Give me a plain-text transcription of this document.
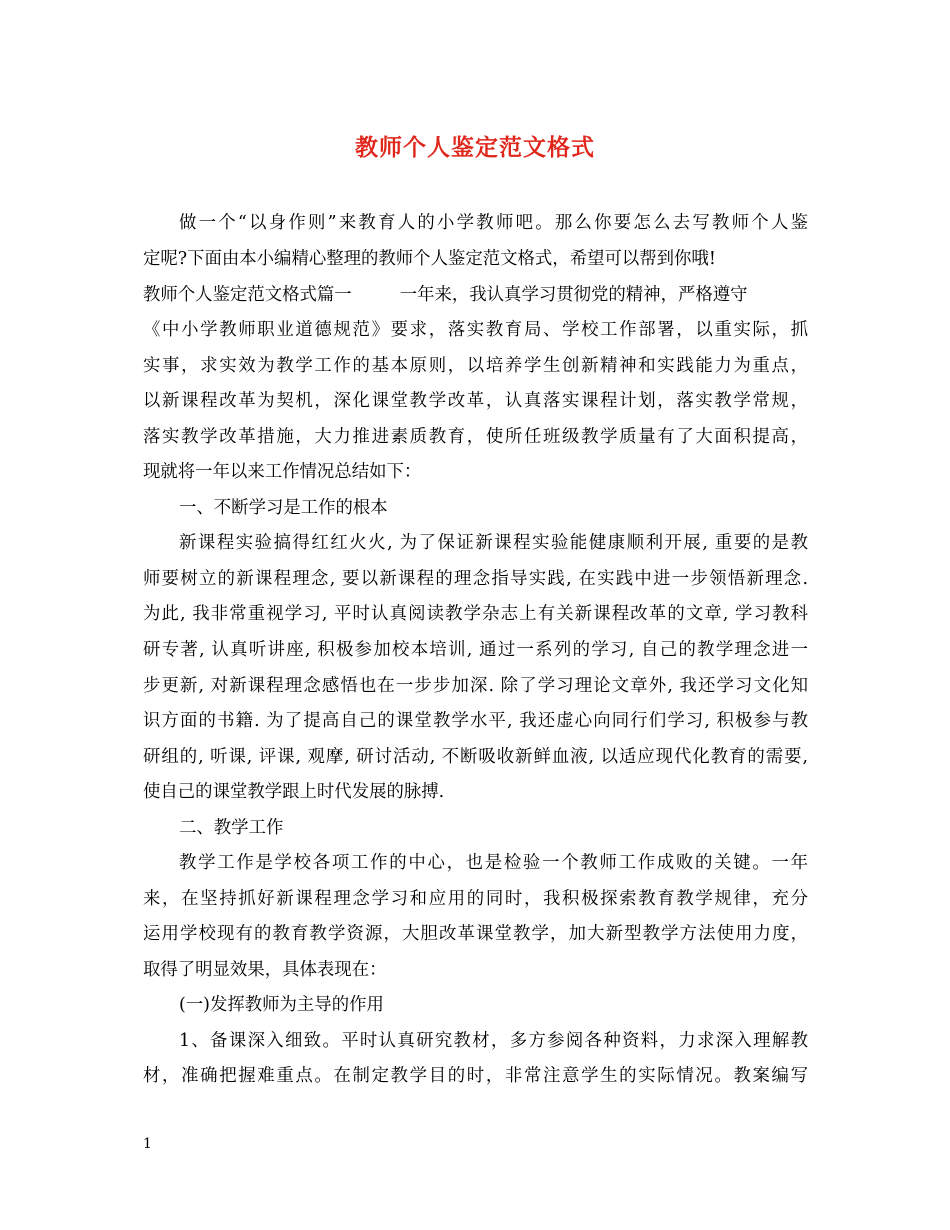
教师个人鉴定范文格式

做一个“以身作则”来教育人的小学教师吧。那么你要怎么去写教师个人鉴

定呢?下面由本小编精心整理的教师个人鉴定范文格式，希望可以帮到你哦!

教师个人鉴定范文格式篇一	一年来，我认真学习贯彻党的精神，严格遵守

《中小学教师职业道德规范》要求，落实教育局、学校工作部署，以重实际，抓

实事，求实效为教学工作的基本原则，以培养学生创新精神和实践能力为重点，

以新课程改革为契机，深化课堂教学改革，认真落实课程计划，落实教学常规，

落实教学改革措施，大力推进素质教育，使所任班级教学质量有了大面积提高，

现就将一年以来工作情况总结如下：

一、不断学习是工作的根本

新课程实验搞得红红火火, 为了保证新课程实验能健康顺利开展, 重要的是教

师要树立的新课程理念, 要以新课程的理念指导实践, 在实践中进一步领悟新理念.

为此, 我非常重视学习, 平时认真阅读教学杂志上有关新课程改革的文章, 学习教科

研专著, 认真听讲座, 积极参加校本培训, 通过一系列的学习, 自己的教学理念进一

步更新, 对新课程理念感悟也在一步步加深. 除了学习理论文章外, 我还学习文化知

识方面的书籍. 为了提高自己的课堂教学水平, 我还虚心向同行们学习, 积极参与教

研组的, 听课, 评课, 观摩, 研讨活动, 不断吸收新鲜血液, 以适应现代化教育的需要,

使自己的课堂教学跟上时代发展的脉搏.

二、教学工作

教学工作是学校各项工作的中心，也是检验一个教师工作成败的关键。一年

来，在坚持抓好新课程理念学习和应用的同时，我积极探索教育教学规律，充分

运用学校现有的教育教学资源，大胆改革课堂教学，加大新型教学方法使用力度，

取得了明显效果，具体表现在：

(一)发挥教师为主导的作用

1、备课深入细致。平时认真研究教材，多方参阅各种资料，力求深入理解教

材，准确把握难重点。在制定教学目的时，非常注意学生的实际情况。教案编写

1
